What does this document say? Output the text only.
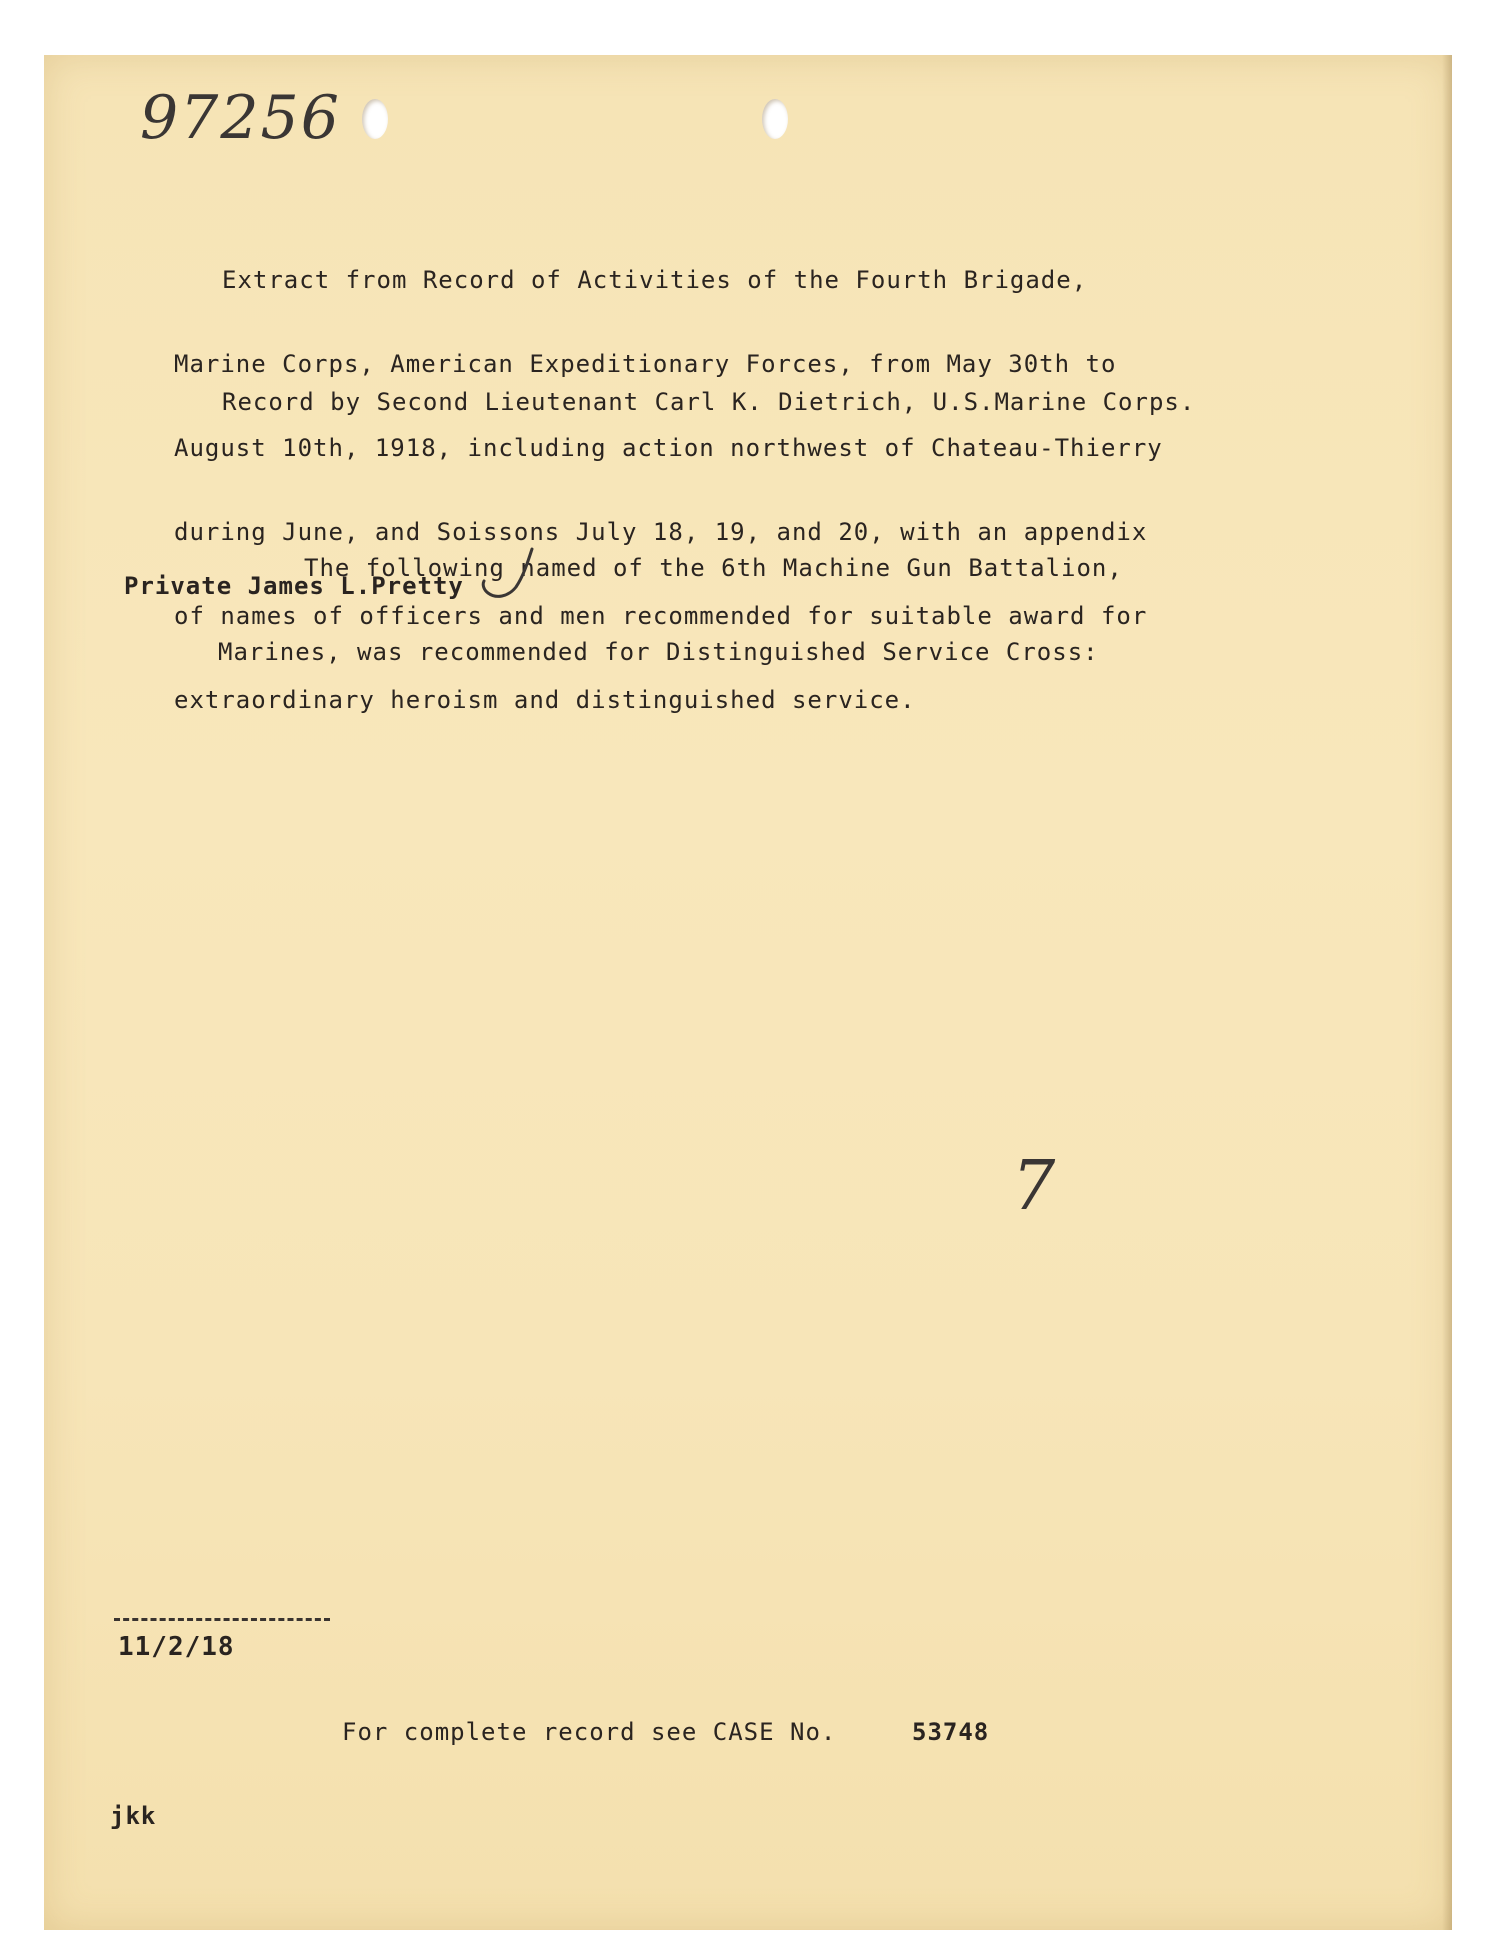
97256

Extract from Record of Activities of the Fourth Brigade,

Marine Corps, American Expeditionary Forces, from May 30th to

August 10th, 1918, including action northwest of Chateau-Thierry

during June, and Soissons July 18, 19, and 20, with an appendix

of names of officers and men recommended for suitable award for

extraordinary heroism and distinguished service.

Record by Second Lieutenant Carl K. Dietrich, U.S.Marine Corps.

The following named of the 6th Machine Gun Battalion,

Marines, was recommended for Distinguished Service Cross:

Private James L.Pretty
7
11/2/18
For complete record see CASE No.	53748
jkk
